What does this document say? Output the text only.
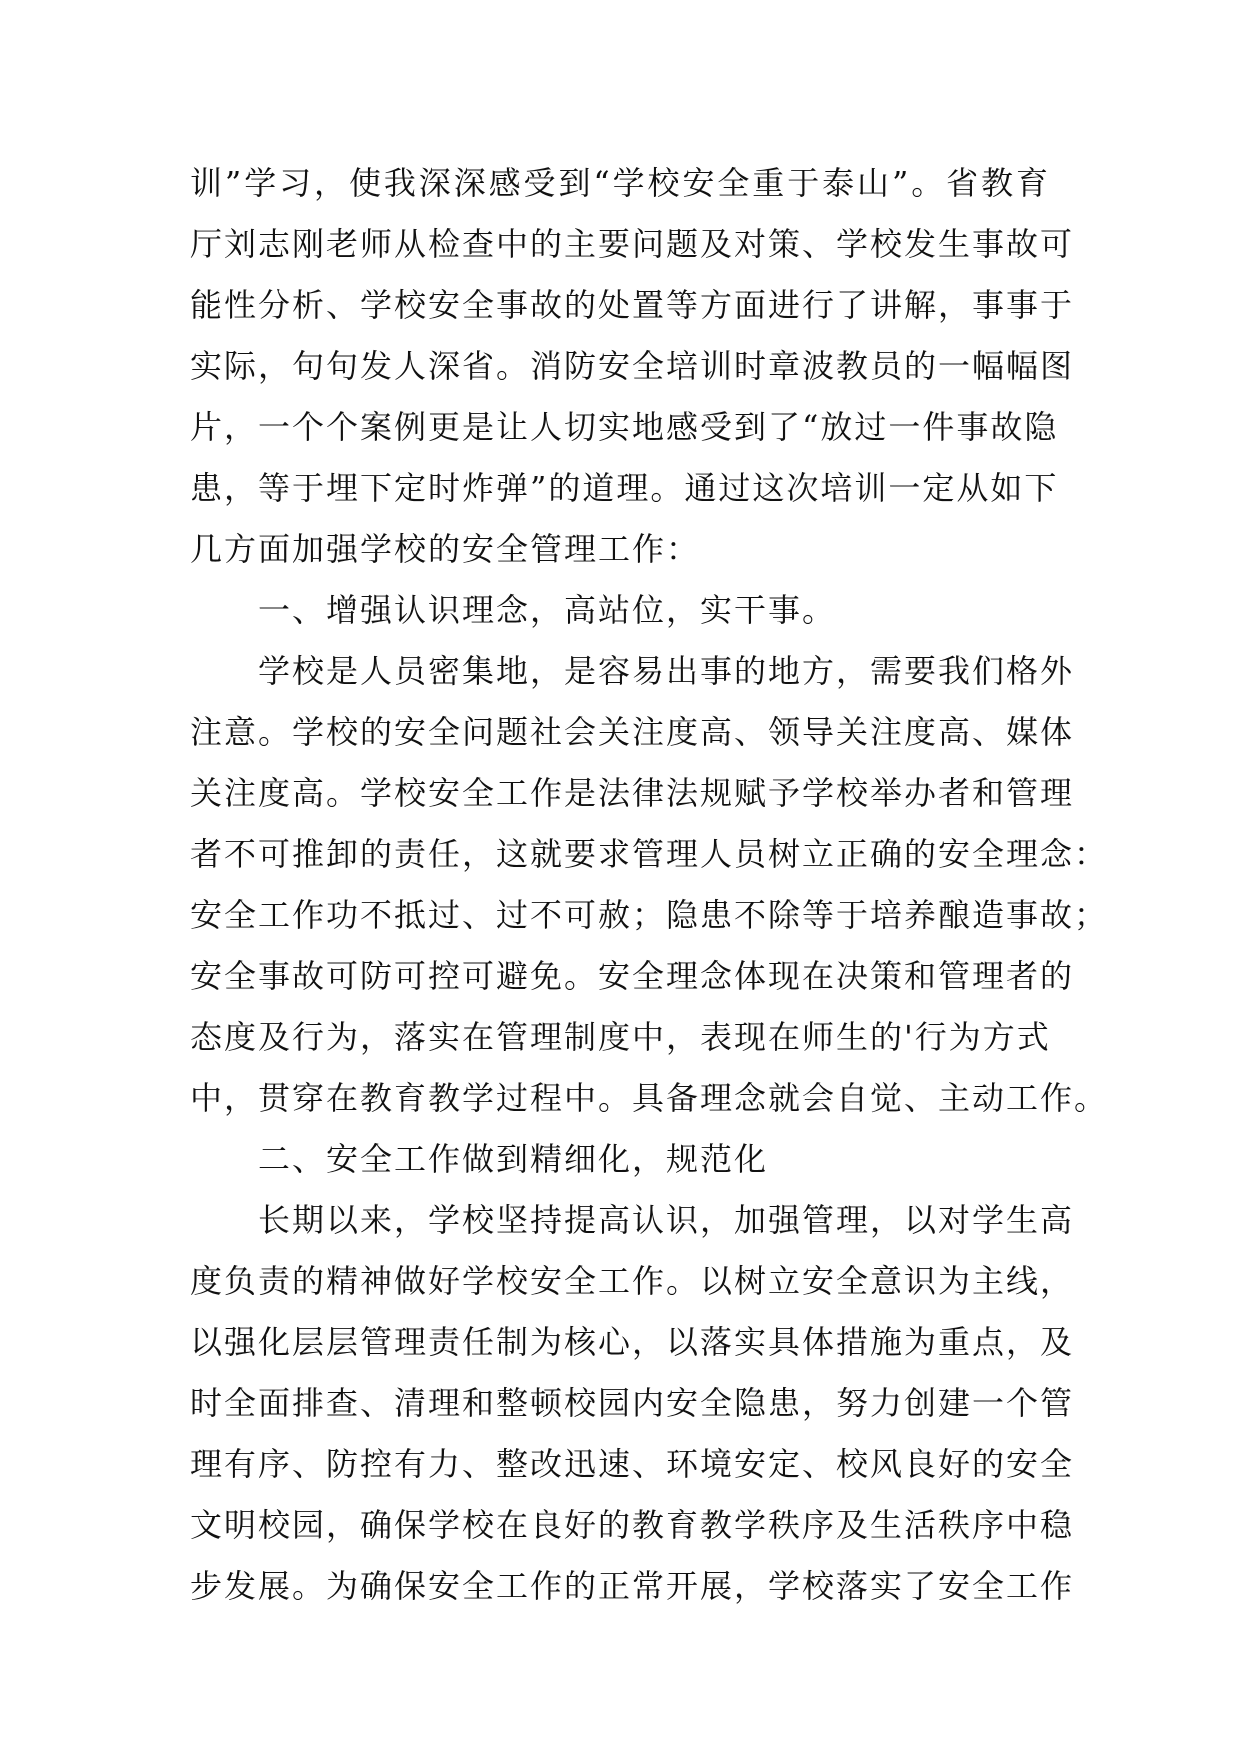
训”学习，使我深深感受到“学校安全重于泰山”。省教育
厅刘志刚老师从检查中的主要问题及对策、学校发生事故可
能性分析、学校安全事故的处置等方面进行了讲解，事事于
实际，句句发人深省。消防安全培训时章波教员的一幅幅图
片，一个个案例更是让人切实地感受到了“放过一件事故隐
患，等于埋下定时炸弹”的道理。通过这次培训一定从如下
几方面加强学校的安全管理工作：
一、增强认识理念，高站位，实干事。
学校是人员密集地，是容易出事的地方，需要我们格外
注意。学校的安全问题社会关注度高、领导关注度高、媒体
关注度高。学校安全工作是法律法规赋予学校举办者和管理
者不可推卸的责任，这就要求管理人员树立正确的安全理念：
安全工作功不抵过、过不可赦；隐患不除等于培养酿造事故；
安全事故可防可控可避免。安全理念体现在决策和管理者的
态度及行为，落实在管理制度中，表现在师生的'行为方式
中，贯穿在教育教学过程中。具备理念就会自觉、主动工作。
二、安全工作做到精细化，规范化
长期以来，学校坚持提高认识，加强管理，以对学生高
度负责的精神做好学校安全工作。以树立安全意识为主线，
以强化层层管理责任制为核心，以落实具体措施为重点，及
时全面排查、清理和整顿校园内安全隐患，努力创建一个管
理有序、防控有力、整改迅速、环境安定、校风良好的安全
文明校园，确保学校在良好的教育教学秩序及生活秩序中稳
步发展。为确保安全工作的正常开展，学校落实了安全工作
